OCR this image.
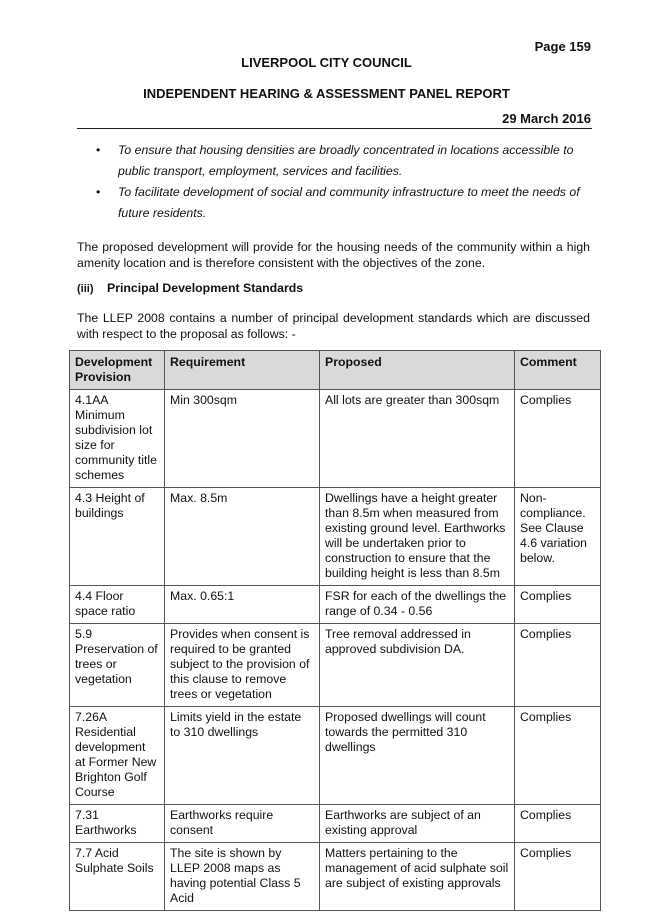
Page 159
LIVERPOOL CITY COUNCIL
INDEPENDENT HEARING & ASSESSMENT PANEL REPORT
29 March 2016
• To ensure that housing densities are broadly concentrated in locations accessible to public transport, employment, services and facilities.
• To facilitate development of social and community infrastructure to meet the needs of future residents.

The proposed development will provide for the housing needs of the community within a high amenity location and is therefore consistent with the objectives of the zone.

(iii) Principal Development Standards

The LLEP 2008 contains a number of principal development standards which are discussed with respect to the proposal as follows: -

Development Provision	Requirement	Proposed	Comment
4.1AA Minimum subdivision lot size for community title schemes	Min 300sqm	All lots are greater than 300sqm	Complies
4.3 Height of buildings	Max. 8.5m	Dwellings have a height greater than 8.5m when measured from existing ground level. Earthworks will be undertaken prior to construction to ensure that the building height is less than 8.5m	Non-compliance. See Clause 4.6 variation below.
4.4 Floor space ratio	Max. 0.65:1	FSR for each of the dwellings the range of 0.34 - 0.56	Complies
5.9 Preservation of trees or vegetation	Provides when consent is required to be granted subject to the provision of this clause to remove trees or vegetation	Tree removal addressed in approved subdivision DA.	Complies
7.26A Residential development at Former New Brighton Golf Course	Limits yield in the estate to 310 dwellings	Proposed dwellings will count towards the permitted 310 dwellings	Complies
7.31 Earthworks	Earthworks require consent	Earthworks are subject of an existing approval	Complies
7.7 Acid Sulphate Soils	The site is shown by LLEP 2008 maps as having potential Class 5 Acid	Matters pertaining to the management of acid sulphate soil are subject of existing approvals	Complies
